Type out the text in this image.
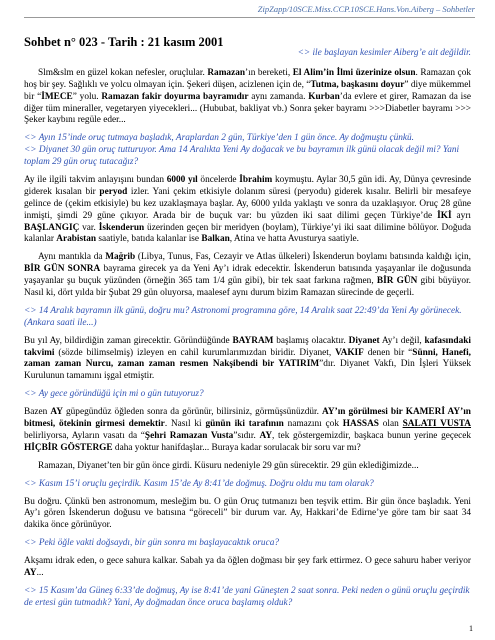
ZipZapp/10SCE.Miss.CCP.10SCE.Hans.Von.Aiberg – Sohbetler
Sohbet n° 023 - Tarih : 21 kasım 2001

<> ile başlayan kesimler Aiberg’e ait değildir.

Slm&slm en güzel kokan nefesler, oruçlular. Ramazan’ın bereketi, El Alim’in İlmi üzerinize olsun. Ramazan çok hoş bir şey. Sağlıklı ve yolcu olmayan için. Şekeri düşen, acizlenen için de, “Tutma, başkasını doyur” diye mükemmel bir “İMECE” yolu. Ramazan fakir doyurma bayramıdır aynı zamanda. Kurban’da evlere et girer, Ramazan da ise diğer tüm mineraller, vegetaryen yiyecekleri... (Hububat, bakliyat vb.) Sonra şeker bayramı >>>Diabetler bayramı >>> Şeker kaybını regüle eder...

<> Ayın 15’inde oruç tutmaya başladık, Araplardan 2 gün, Türkiye’den 1 gün önce. Ay doğmuştu çünkü.
<> Diyanet 30 gün oruç tutturuyor. Ama 14 Aralıkta Yeni Ay doğacak ve bu bayramın ilk günü olacak değil mi? Yani toplam 29 gün oruç tutacağız?

Ay ile ilgili takvim anlayışını bundan 6000 yıl öncelerde İbrahim koymuştu. Aylar 30,5 gün idi. Ay, Dünya çevresinde giderek kısalan bir peryod izler. Yani çekim etkisiyle dolanım süresi (peryodu) giderek kısalır. Belirli bir mesafeye gelince de (çekim etkisiyle) bu kez uzaklaşmaya başlar. Ay, 6000 yılda yaklaştı ve sonra da uzaklaşıyor. Oruç 28 güne inmişti, şimdi 29 güne çıkıyor. Arada bir de buçuk var: bu yüzden iki saat dilimi geçen Türkiye’de İKİ ayrı BAŞLANGIÇ var. İskenderun üzerinden geçen bir meridyen (boylam), Türkiye’yi iki saat dilimine bölüyor. Doğuda kalanlar Arabistan saatiyle, batıda kalanlar ise Balkan, Atina ve hatta Avusturya saatiyle.

Aynı mantıkla da Mağrib (Libya, Tunus, Fas, Cezayir ve Atlas ülkeleri) İskenderun boylamı batısında kaldığı için, BİR GÜN SONRA bayrama girecek ya da Yeni Ay’ı idrak edecektir. İskenderun batısında yaşayanlar ile doğusunda yaşayanlar şu buçuk yüzünden (örneğin 365 tam 1/4 gün gibi), bir tek saat farkına rağmen, BİR GÜN gibi büyüyor. Nasıl ki, dört yılda bir Şubat 29 gün oluyorsa, maalesef aynı durum bizim Ramazan sürecinde de geçerli.

<> 14 Aralık bayramın ilk günü, doğru mu? Astronomi programına göre, 14 Aralık saat 22:49’da Yeni Ay görünecek. (Ankara saati ile...)

Bu yıl Ay, bildirdiğin zaman girecektir. Göründüğünde BAYRAM başlamış olacaktır. Diyanet Ay’ı değil, kafasındaki takvimi (sözde bilimselmiş) izleyen en cahil kurumlarımızdan biridir. Diyanet, VAKIF denen bir “Sünni, Hanefi, zaman zaman Nurcu, zaman zaman resmen Nakşibendi bir YATIRIM”dır. Diyanet Vakfı, Din İşleri Yüksek Kurulunun tamamını işgal etmiştir.

<> Ay gece göründüğü için mi o gün tutuyoruz?

Bazen AY güpegündüz öğleden sonra da görünür, bilirsiniz, görmüşsünüzdür. AY’ın görülmesi bir KAMERİ AY’ın bitmesi, ötekinin girmesi demektir. Nasıl ki günün iki tarafının namazını çok HASSAS olan SALATI VUSTA belirliyorsa, Ayların vasatı da “Şehri Ramazan Vusta”sıdır. AY, tek göstergemizdir, başkaca bunun yerine geçecek HİÇBİR GÖSTERGE daha yoktur hanifdaşlar... Buraya kadar sorulacak bir soru var mı?

Ramazan, Diyanet’ten bir gün önce girdi. Küsuru nedeniyle 29 gün sürecektir. 29 gün eklediğimizde...

<> Kasım 15’i oruçlu geçirdik. Kasım 15’de Ay 8:41’de doğmuş. Doğru oldu mu tam olarak?

Bu doğru. Çünkü ben astronomum, mesleğim bu. O gün Oruç tutmanızı ben teşvik ettim. Bir gün önce başladık. Yeni Ay’ı gören İskenderun doğusu ve batısına “göreceli” bir durum var. Ay, Hakkari’de Edirne’ye göre tam bir saat 34 dakika önce görünüyor.

<> Peki öğle vakti doğsaydı, bir gün sonra mı başlayacaktık oruca?

Akşamı idrak eden, o gece sahura kalkar. Sabah ya da öğlen doğması bir şey fark ettirmez. O gece sahuru haber veriyor AY...

<> 15 Kasım’da Güneş 6:33’de doğmuş, Ay ise 8:41’de yani Güneşten 2 saat sonra. Peki neden o günü oruçlu geçirdik de ertesi gün tutmadık? Yani, Ay doğmadan önce oruca başlamış olduk?

1
